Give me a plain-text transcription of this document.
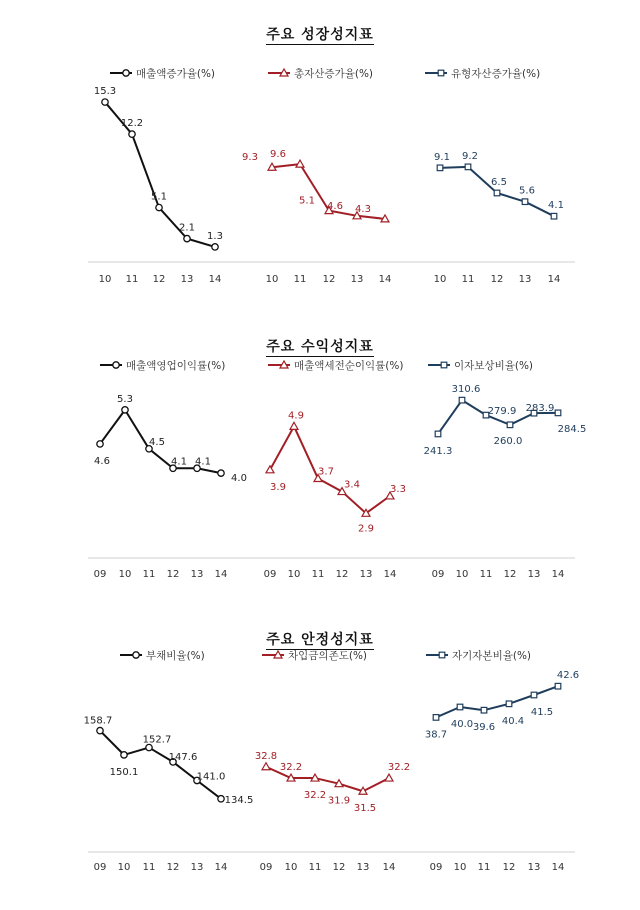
주요 성장성지표
매출액증가율(%)
15.3
12.2
5.1
2.1
1.3
10 11 12 13 14
총자산증가율(%)
9.3 9.6
5.1 4.6 4.3
10 11 12 13 14
유형자산증가율(%)
9.1 9.2
6.5
5.6
4.1
10 11 12 13 14
주요 수익성지표
매출액영업이익률(%)
4.6
5.3
4.5
4.1 4.1
4.0
09 10 11 12 13 14
매출액세전순이익률(%)
3.9
4.9
3.7
3.4
2.9
3.3
09 10 11 12 13 14
이자보상비율(%)
241.3
310.6
279.9
260.0
283.9
284.5
09 10 11 12 13 14
주요 안정성지표
부채비율(%)
158.7
150.1
152.7
147.6
141.0
134.5
09 10 11 12 13 14
차입금의존도(%)
32.8
32.2
32.2
31.9
31.5
32.2
09 10 11 12 13 14
자기자본비율(%)
38.7
40.0 39.6
40.4
41.5
42.6
09 10 11 12 13 14
